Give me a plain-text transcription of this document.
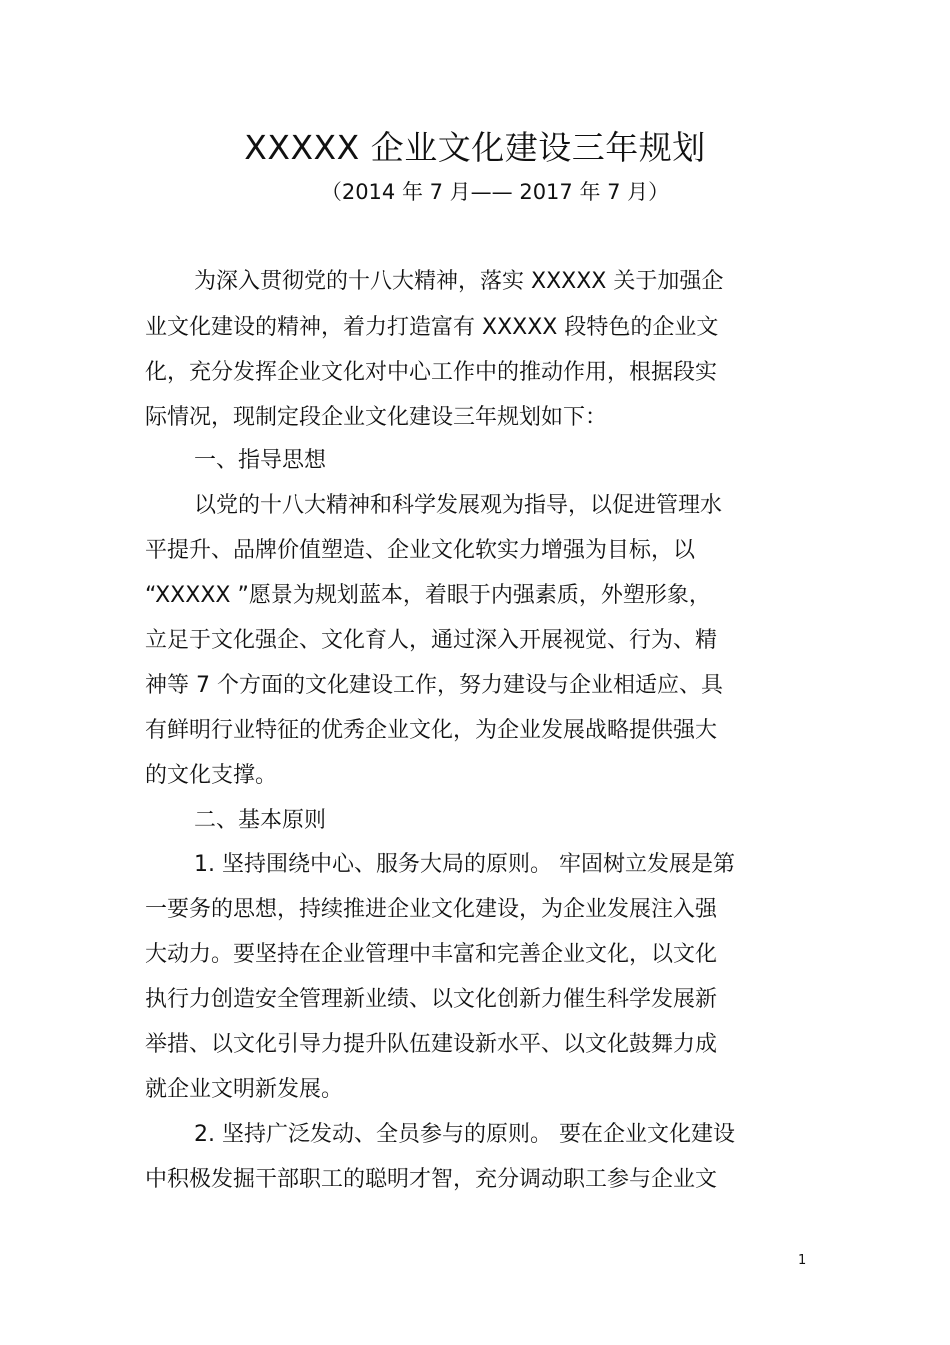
XXXXX 企业文化建设三年规划
（2014 年 7 月—— 2017 年 7 月）
为深入贯彻党的十八大精神，落实 XXXXX 关于加强企
业文化建设的精神，着力打造富有 XXXXX 段特色的企业文
化，充分发挥企业文化对中心工作中的推动作用，根据段实
际情况，现制定段企业文化建设三年规划如下：
一、指导思想
以党的十八大精神和科学发展观为指导，以促进管理水
平提升、品牌价值塑造、企业文化软实力增强为目标，以
“XXXXX ”愿景为规划蓝本，着眼于内强素质，外塑形象，
立足于文化强企、文化育人，通过深入开展视觉、行为、精
神等 7 个方面的文化建设工作，努力建设与企业相适应、具
有鲜明行业特征的优秀企业文化，为企业发展战略提供强大
的文化支撑。
二、基本原则
1. 坚持围绕中心、服务大局的原则。 牢固树立发展是第
一要务的思想，持续推进企业文化建设，为企业发展注入强
大动力。要坚持在企业管理中丰富和完善企业文化，以文化
执行力创造安全管理新业绩、以文化创新力催生科学发展新
举措、以文化引导力提升队伍建设新水平、以文化鼓舞力成
就企业文明新发展。
2. 坚持广泛发动、全员参与的原则。 要在企业文化建设
中积极发掘干部职工的聪明才智，充分调动职工参与企业文
1
